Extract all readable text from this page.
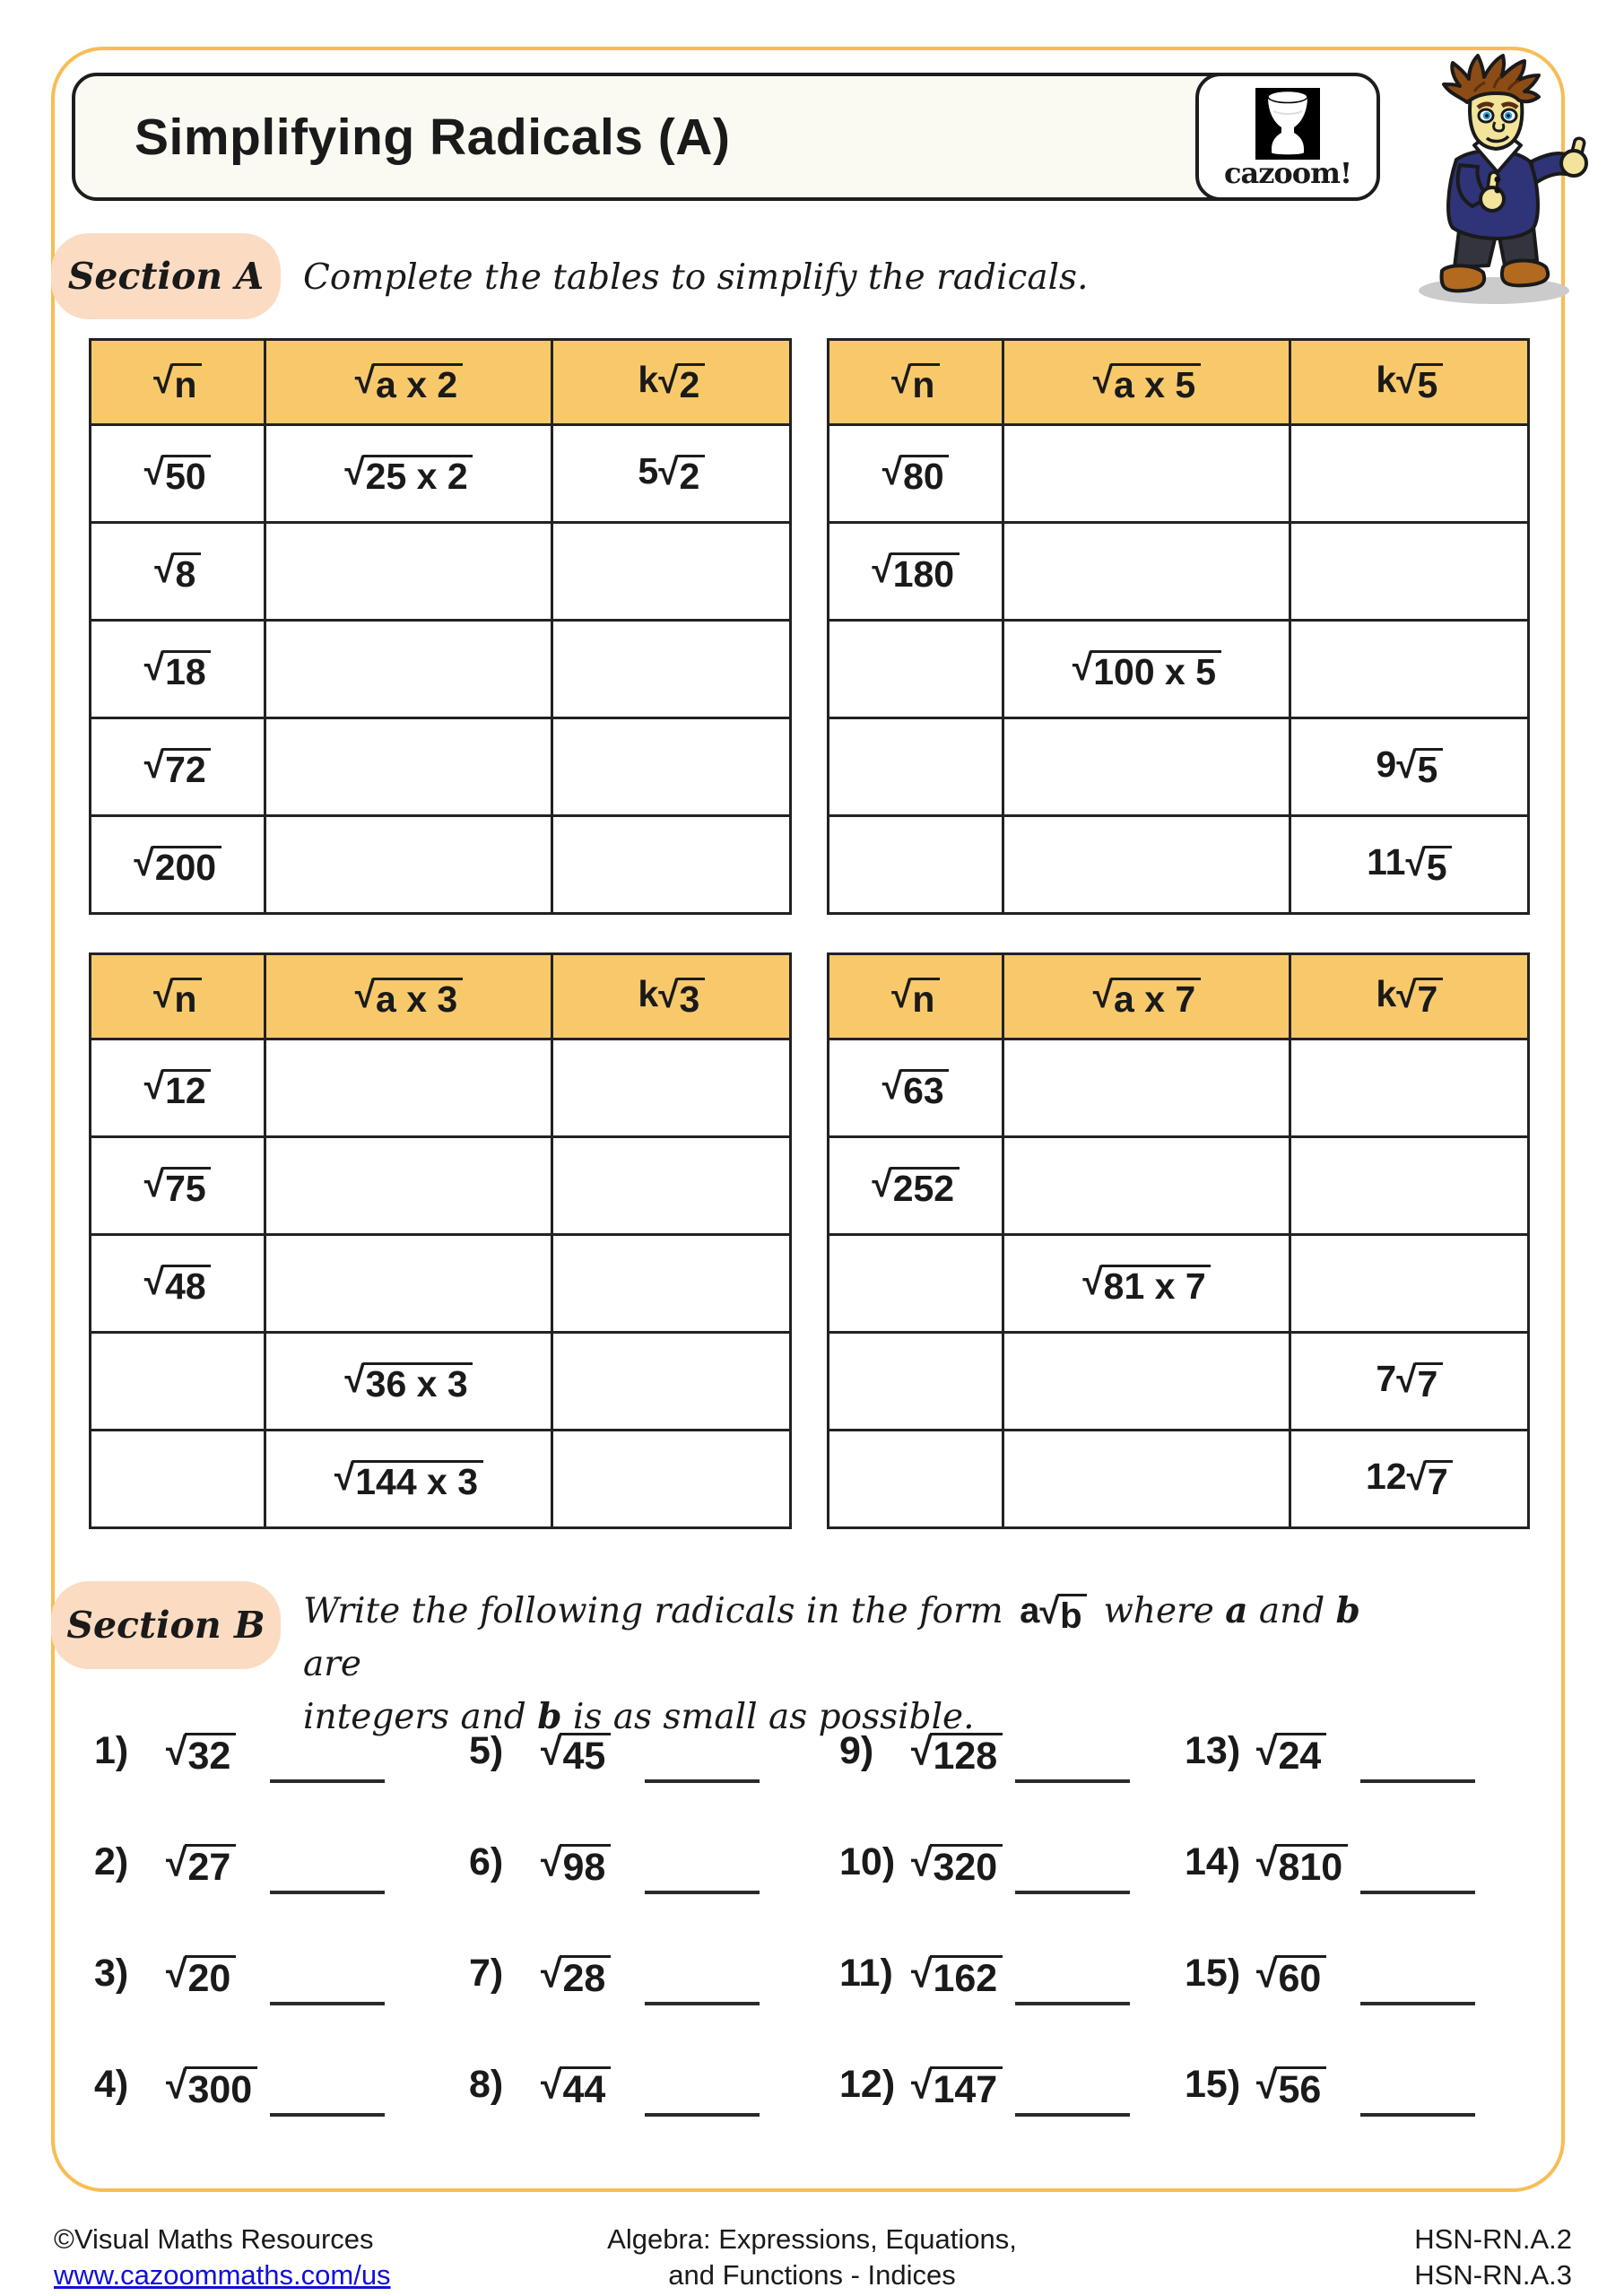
Simplifying Radicals (A)
cazoom!
Section A Complete the tables to simplify the radicals.
√ n	√ a x 2	k √ 2

√ 50	√ 25 x 2	5 √ 2

√ 8

√ 18

√ 72

√ 200

√ n	√ a x 5	k √ 5

√ 80

√ 180

	√ 100 x 5

		9 √ 5

		11 √ 5
√ n	√ a x 3	k √ 3

√ 12

√ 75

√ 48

	√ 36 x 3

	√ 144 x 3

√ n	√ a x 7	k √ 7

√ 63

√ 252

	√ 81 x 7

		7 √ 7

		12 √ 7
Section B Write the following radicals in the form a √ b where a and b are
integers and b is as small as possible.
1)	√ 32	5)	√ 45	9)	√ 128	13) √ 24
2)	√ 27	6)	√ 98	10) √ 320	14) √ 810
3)	√ 20	7)	√ 28	11)	√ 162	15) √ 60
4)	√ 300	8)	√ 44	12) √ 147	15) √ 56
Algebra: Expressions, Equations,
and Functions - Indices
©Visual Maths Resources
www.cazoommaths.com/us
HSN-RN.A.2
HSN-RN.A.3
